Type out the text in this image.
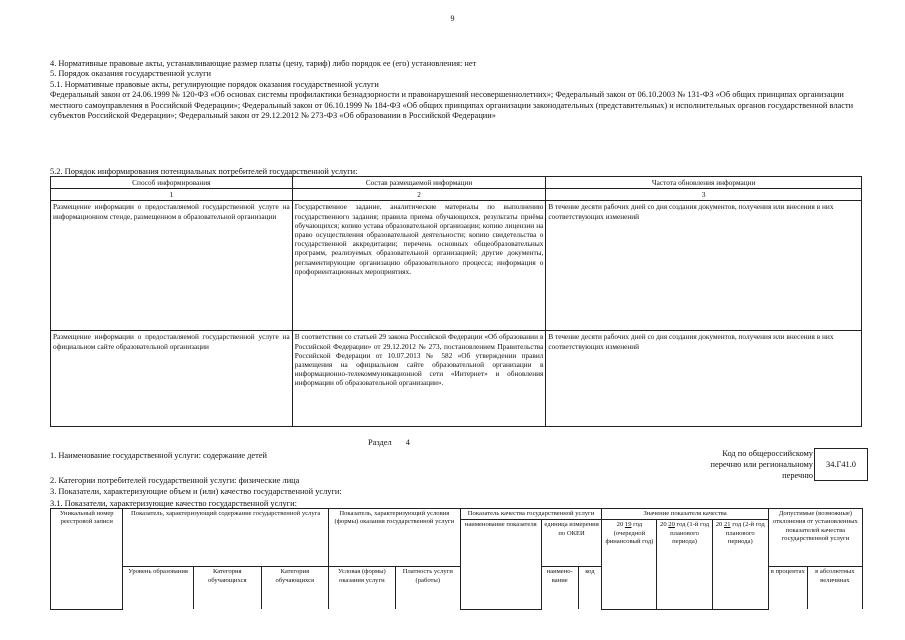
9

4. Нормативные правовые акты, устанавливающие размер платы (цену, тариф) либо порядок ее (его) установления: нет

5. Порядок оказания государственной услуги

5.1. Нормативные правовые акты, регулирующие порядок оказания государственной услуги

Федеральный закон от 24.06.1999 № 120-ФЗ «Об основах системы профилактики безнадзорности и правонарушений несовершеннолетних»; Федеральный закон от 06.10.2003 № 131-ФЗ «Об общих принципах организации местного самоуправления в Российской Федерации»; Федеральный закон от 06.10.1999 № 184-ФЗ «Об общих принципах организации законодательных (представительных) и исполнительных органов государственной власти субъектов Российской Федерации»; Федеральный закон от 29.12.2012 № 273-ФЗ «Об образовании в Российской Федерации»

5.2. Порядок информирования потенциальных потребителей государственной услуги:
Способ информирования	Состав размещаемой информации	Частота обновления информации
1	2	3
Размещение информации о предоставляемой государственной услуге на информационном стенде, размещенном в образовательной организации	Государственное задание, аналитические материалы по выполнению государственного задания; правила приема обучающихся, результаты приёма обучающихся; копию устава образовательной организации; копию лицензии на право осуществления образовательной деятельности; копию свидетельства о государственной аккредитации; перечень основных общеобразовательных программ, реализуемых образовательной организацией; другие документы, регламентирующие организацию образовательного процесса; информация о профориентационных мероприятиях.	В течение десяти рабочих дней со дня создания документов, получения или внесения в них соответствующих изменений
Размещение информации о предоставляемой государственной услуге на официальном сайте образовательной организации	В соответствии со статьей 29 закона Российской Федерации «Об образовании в Российской Федерации» от 29.12.2012 № 273, постановлением Правительства Российской Федерации от 10.07.2013 № 582 «Об утверждении правил размещения на официальном сайте образовательной организации в информационно-телекоммуникационной сети «Интернет» и обновления информации об образовательной организации».	В течение десяти рабочих дней со дня создания документов, получения или внесения в них соответствующих изменений
Раздел 4

1. Наименование государственной услуги: содержание детей

2. Категории потребителей государственной услуги: физические лица

3. Показатели, характеризующие объем и (или) качество государственной услуги:

3.1. Показатели, характеризующие качество государственной услуги:

Код по общероссийскому перечню или региональному перечню
34.Г41.0
Уникальный номер реестровой записи	Показатель, характеризующий содержание государственной услуга			Показатель, характеризующий условия (формы) оказания государственной услуги		Показатель качества государственной услуги			Значение показателя качества			Допустимые (возможные) отклонения от установленных показателей качества государственной услуги	
						наименование показателя	единица измерения по ОКЕИ		20 19 год (очередной финансовый год)	20 20 год (1-й год планового периода)	20 21 год (2-й год планового периода)		
	Уровень образования	Категория обучающихся	Категория обучающихся	Условая (формы) оказания услуги	Платность услуги (работы)		наимено-вание	код				в процентах	в абсолютных величинах
